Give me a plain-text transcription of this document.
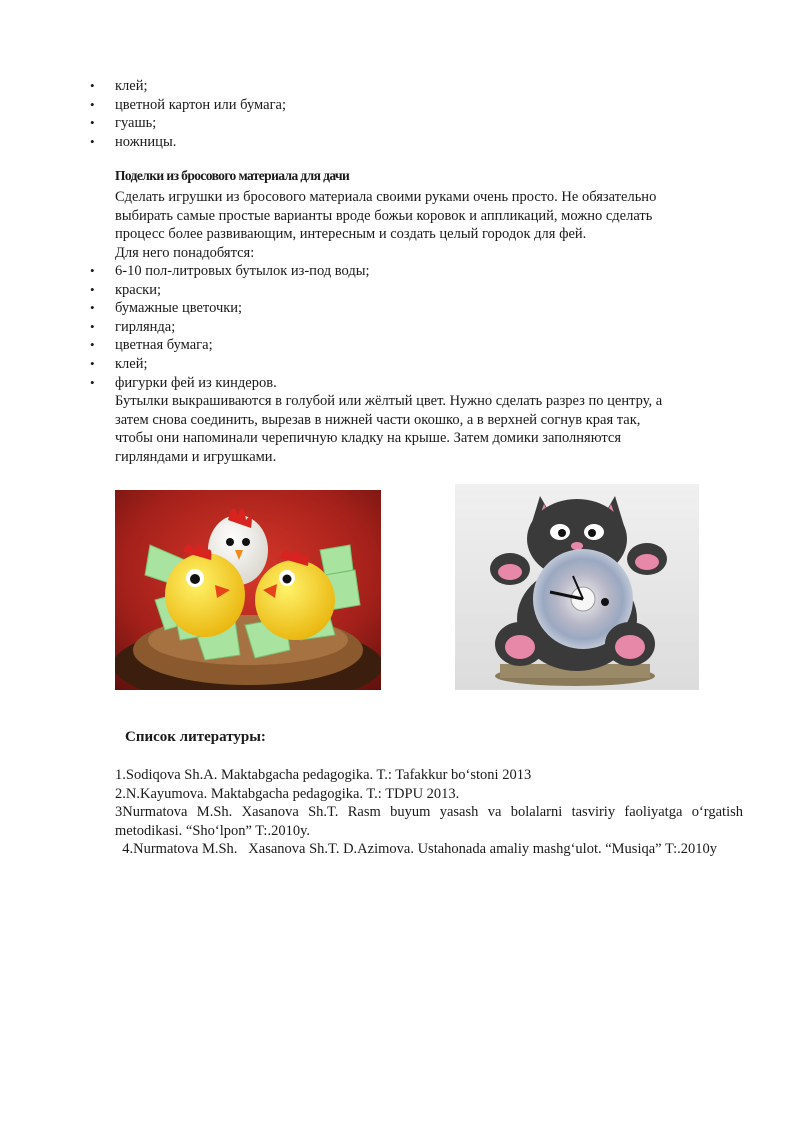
• клей;
• цветной картон или бумага;
• гуашь;
• ножницы.
Поделки из бросового материала для дачи
Сделать игрушки из бросового материала своими руками очень просто. Не обязательно
выбирать самые простые варианты вроде божьи коровок и аппликаций, можно сделать
процесс более развивающим, интересным и создать целый городок для фей.
Для него понадобятся:
• 6-10 пол-литровых бутылок из-под воды;
• краски;
• бумажные цветочки;
• гирлянда;
• цветная бумага;
• клей;
• фигурки фей из киндеров.
Бутылки выкрашиваются в голубой или жёлтый цвет. Нужно сделать разрез по центру, а
затем снова соединить, вырезав в нижней части окошко, а в верхней согнув края так,
чтобы они напоминали черепичную кладку на крыше. Затем домики заполняются
гирляндами и игрушками.
Список литературы:
1.Sodiqova Sh.A. Maktabgacha pedagogika. T.: Tafakkur bo‘stoni 2013
2.N.Kayumova. Maktabgacha pedagogika. T.: TDPU 2013.
3Nurmatova M.Sh. Xasanova Sh.T. Rasm buyum yasash va bolalarni tasviriy faoliyatga o‘rgatish metodikasi. “Sho‘lpon” T:.2010y.
4.Nurmatova M.Sh.   Xasanova Sh.T. D.Azimova. Ustahonada amaliy mashg‘ulot. “Musiqa” T:.2010y
